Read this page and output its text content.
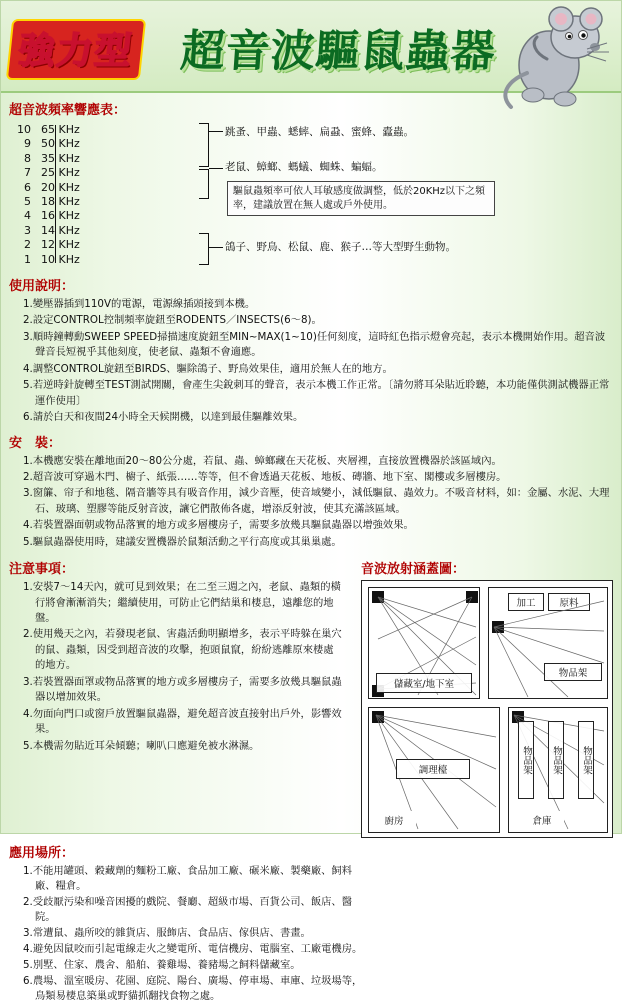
強力型 超音波驅鼠蟲器
超音波頻率響應表：
10 65 KHz
9 50 KHz
8 35 KHz
7 25 KHz
6 20 KHz
5 18 KHz
4 16 KHz
3 14 KHz
2 12 KHz
1 10 KHz
跳蚤、甲蟲、蟋蟀、扁蝨、蜜蜂、蠹蟲。
老鼠、蟑螂、螞蟻、蜘蛛、蝙蝠。
鴿子、野鳥、松鼠、鹿、猴子…等大型野生動物。
驅鼠蟲頻率可依人耳敏感度做調整，低於20KHz以下之頻率，建議放置在無人處或戶外使用。
使用說明：
1.變壓器插到110V的電源，電源線插頭接到本機。
2.設定CONTROL控制頻率旋鈕至RODENTS／INSECTS(6～8)。
3.順時鐘轉動SWEEP SPEED掃描速度旋鈕至MIN~MAX(1~10)任何刻度，這時紅色指示燈會亮起，表示本機開始作用。超音波聲音長短視乎其他刻度，使老鼠、蟲類不會適應。
4.調整CONTROL旋鈕至BIRDS、驅除鴿子、野鳥效果佳，適用於無人在的地方。
5.若逆時針旋轉至TEST測試開關，會產生尖銳刺耳的聲音，表示本機工作正常。〔請勿將耳朵貼近聆聽，本功能僅供測試機器正常運作使用〕
6.請於白天和夜間24小時全天候開機，以達到最佳驅離效果。
安　裝：
1.本機應安裝在離地面20～80公分處，若鼠、蟲、蟑螂藏在天花板、夾層裡，直接放置機器於該區域內。
2.超音波可穿過木門、櫥子、紙張……等等，但不會透過天花板、地板、磚牆、地下室、閣樓或多層樓房。
3.窗簾、帘子和地毯、隔音牆等具有吸音作用，減少音壓，使音域變小，減低驅鼠、蟲效力。不吸音材料，如：金屬、水泥、大理石、玻璃、塑膠等能反射音波，讓它們散佈各處，增添反射波，使其充滿該區域。
4.若裝置器面朝或物品落實的地方或多層樓房子，需要多放幾具驅鼠蟲器以增強效果。
5.驅鼠蟲器使用時，建議安置機器於鼠類活動之平行高度或其巢巢處。
注意事項：
1.安裝7～14天內，就可見到效果；在二至三週之內，老鼠、蟲類的橫行將會漸漸消失；繼續使用，可防止它們結巢和棲息，遠離您的地盤。
2.使用幾天之內，若發現老鼠、害蟲活動明顯增多，表示平時躲在巢穴的鼠、蟲類，因受到超音波的攻擊，抱頭鼠竄，紛紛逃離原來棲處的地方。
3.若裝置器面罩或物品落實的地方或多層樓房子，需要多放幾具驅鼠蟲器以增加效果。
4.勿面向門口或窗戶放置驅鼠蟲器，避免超音波直接射出戶外，影響效果。
5.本機需勿貼近耳朵傾聽；喇叭口應避免被水淋濕。
音波放射涵蓋圖：
儲藏室/地下室
加工	原料
物品架
調理檯
廚房
物品架	物品架	物品架
倉庫
應用場所：
1.不能用罐頭、穀藏劑的麵粉工廠、食品加工廠、碾米廠、製藥廠、飼料廠、糧倉。
2.受歧厭污染和噪音困擾的戲院、餐廳、超級市場、百貨公司、飯店、醫院。
3.常遭鼠、蟲所咬的雜貨店、服飾店、食品店、傢俱店、書畫。
4.避免因鼠咬而引起電線走火之變電所、電信機房、電腦室、工廠電機房。
5.別墅、住家、農舍、船舶、養雞場、養豬場之飼料儲藏室。
6.農場、溫室暖房、花園、庭院、陽台、廣場、停車場、車庫、垃圾場等，鳥類易棲息築巢或野貓抓翻找食物之處。
